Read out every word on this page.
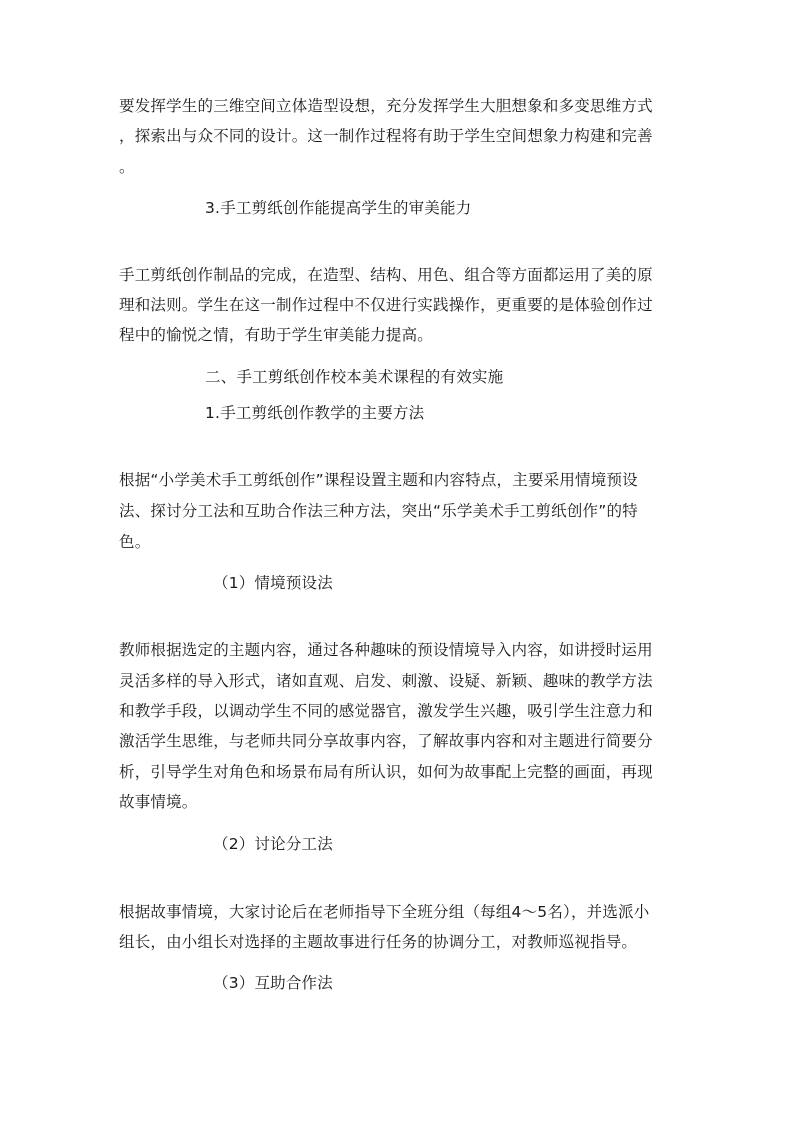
要发挥学生的三维空间立体造型设想，充分发挥学生大胆想象和多变思维方式
，探索出与众不同的设计。这一制作过程将有助于学生空间想象力构建和完善
。
3.手工剪纸创作能提高学生的审美能力
手工剪纸创作制品的完成，在造型、结构、用色、组合等方面都运用了美的原
理和法则。学生在这一制作过程中不仅进行实践操作，更重要的是体验创作过
程中的愉悦之情，有助于学生审美能力提高。
二、手工剪纸创作校本美术课程的有效实施
1.手工剪纸创作教学的主要方法
根据“小学美术手工剪纸创作”课程设置主题和内容特点，主要采用情境预设
法、探讨分工法和互助合作法三种方法，突出“乐学美术手工剪纸创作”的特
色。
（1）情境预设法
教师根据选定的主题内容，通过各种趣味的预设情境导入内容，如讲授时运用
灵活多样的导入形式，诸如直观、启发、刺激、设疑、新颖、趣味的教学方法
和教学手段，以调动学生不同的感觉器官，激发学生兴趣，吸引学生注意力和
激活学生思维，与老师共同分享故事内容，了解故事内容和对主题进行简要分
析，引导学生对角色和场景布局有所认识，如何为故事配上完整的画面，再现
故事情境。
（2）讨论分工法
根据故事情境，大家讨论后在老师指导下全班分组（每组4～5名），并选派小
组长，由小组长对选择的主题故事进行任务的协调分工，对教师巡视指导。
（3）互助合作法
